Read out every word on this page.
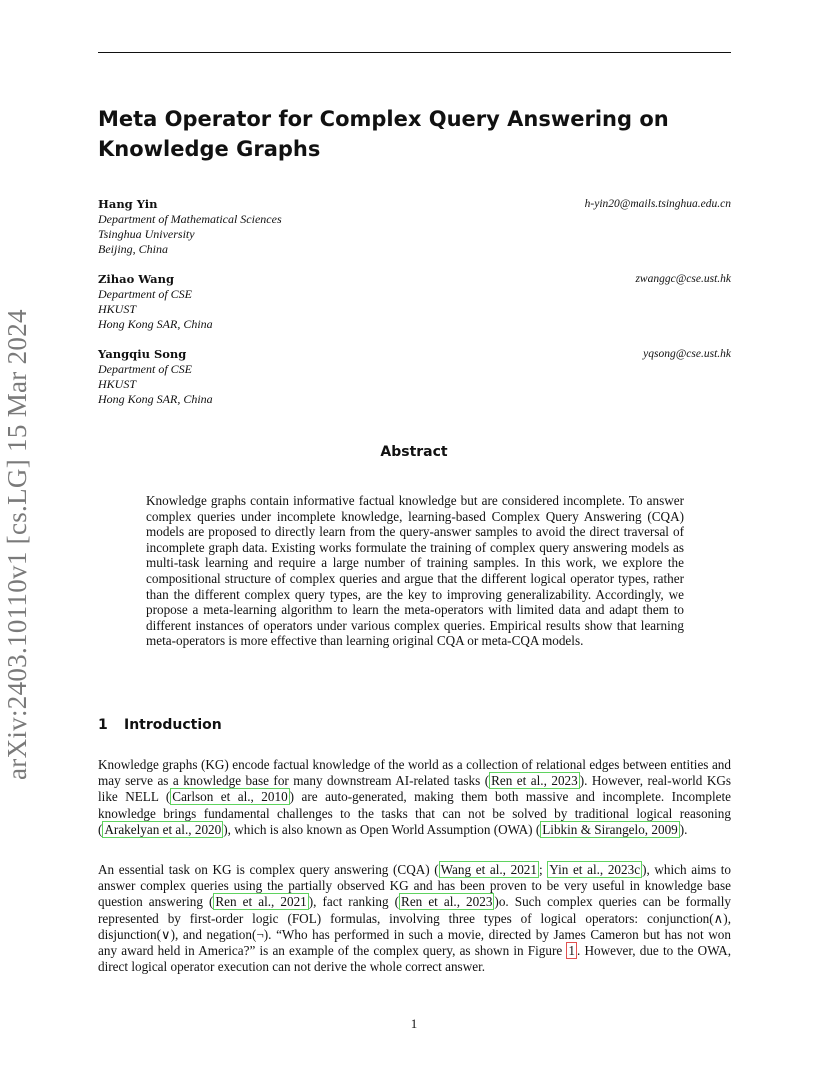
arXiv:2403.10110v1 [cs.LG] 15 Mar 2024
Meta Operator for Complex Query Answering on Knowledge Graphs
Hang Yin	h-yin20@mails.tsinghua.edu.cn
Department of Mathematical Sciences
Tsinghua University
Beijing, China
Zihao Wang	zwanggc@cse.ust.hk
Department of CSE
HKUST
Hong Kong SAR, China
Yangqiu Song	yqsong@cse.ust.hk
Department of CSE
HKUST
Hong Kong SAR, China
Abstract
Knowledge graphs contain informative factual knowledge but are considered incomplete. To answer complex queries under incomplete knowledge, learning-based Complex Query Answering (CQA) models are proposed to directly learn from the query-answer samples to avoid the direct traversal of incomplete graph data. Existing works formulate the training of complex query answering models as multi-task learning and require a large number of training samples. In this work, we explore the compositional structure of complex queries and argue that the different logical operator types, rather than the different complex query types, are the key to improving generalizability. Accordingly, we propose a meta-learning algorithm to learn the meta-operators with limited data and adapt them to different instances of operators under various complex queries. Empirical results show that learning meta-operators is more effective than learning original CQA or meta-CQA models.
1 Introduction
Knowledge graphs (KG) encode factual knowledge of the world as a collection of relational edges between entities and may serve as a knowledge base for many downstream AI-related tasks ( Ren et al., 2023 ). However, real-world KGs like NELL ( Carlson et al., 2010 ) are auto-generated, making them both massive and incomplete. Incomplete knowledge brings fundamental challenges to the tasks that can not be solved by traditional logical reasoning ( Arakelyan et al., 2020 ), which is also known as Open World Assumption (OWA) ( Libkin & Sirangelo, 2009 ).
An essential task on KG is complex query answering (CQA) ( Wang et al., 2021 ; Yin et al., 2023c ), which aims to answer complex queries using the partially observed KG and has been proven to be very useful in knowledge base question answering ( Ren et al., 2021 ), fact ranking ( Ren et al., 2023 )o. Such complex queries can be formally represented by first-order logic (FOL) formulas, involving three types of logical operators: conjunction(∧), disjunction(∨), and negation(¬). “Who has performed in such a movie, directed by James Cameron but has not won any award held in America?” is an example of the complex query, as shown in Figure 1 . However, due to the OWA, direct logical operator execution can not derive the whole correct answer.
1
